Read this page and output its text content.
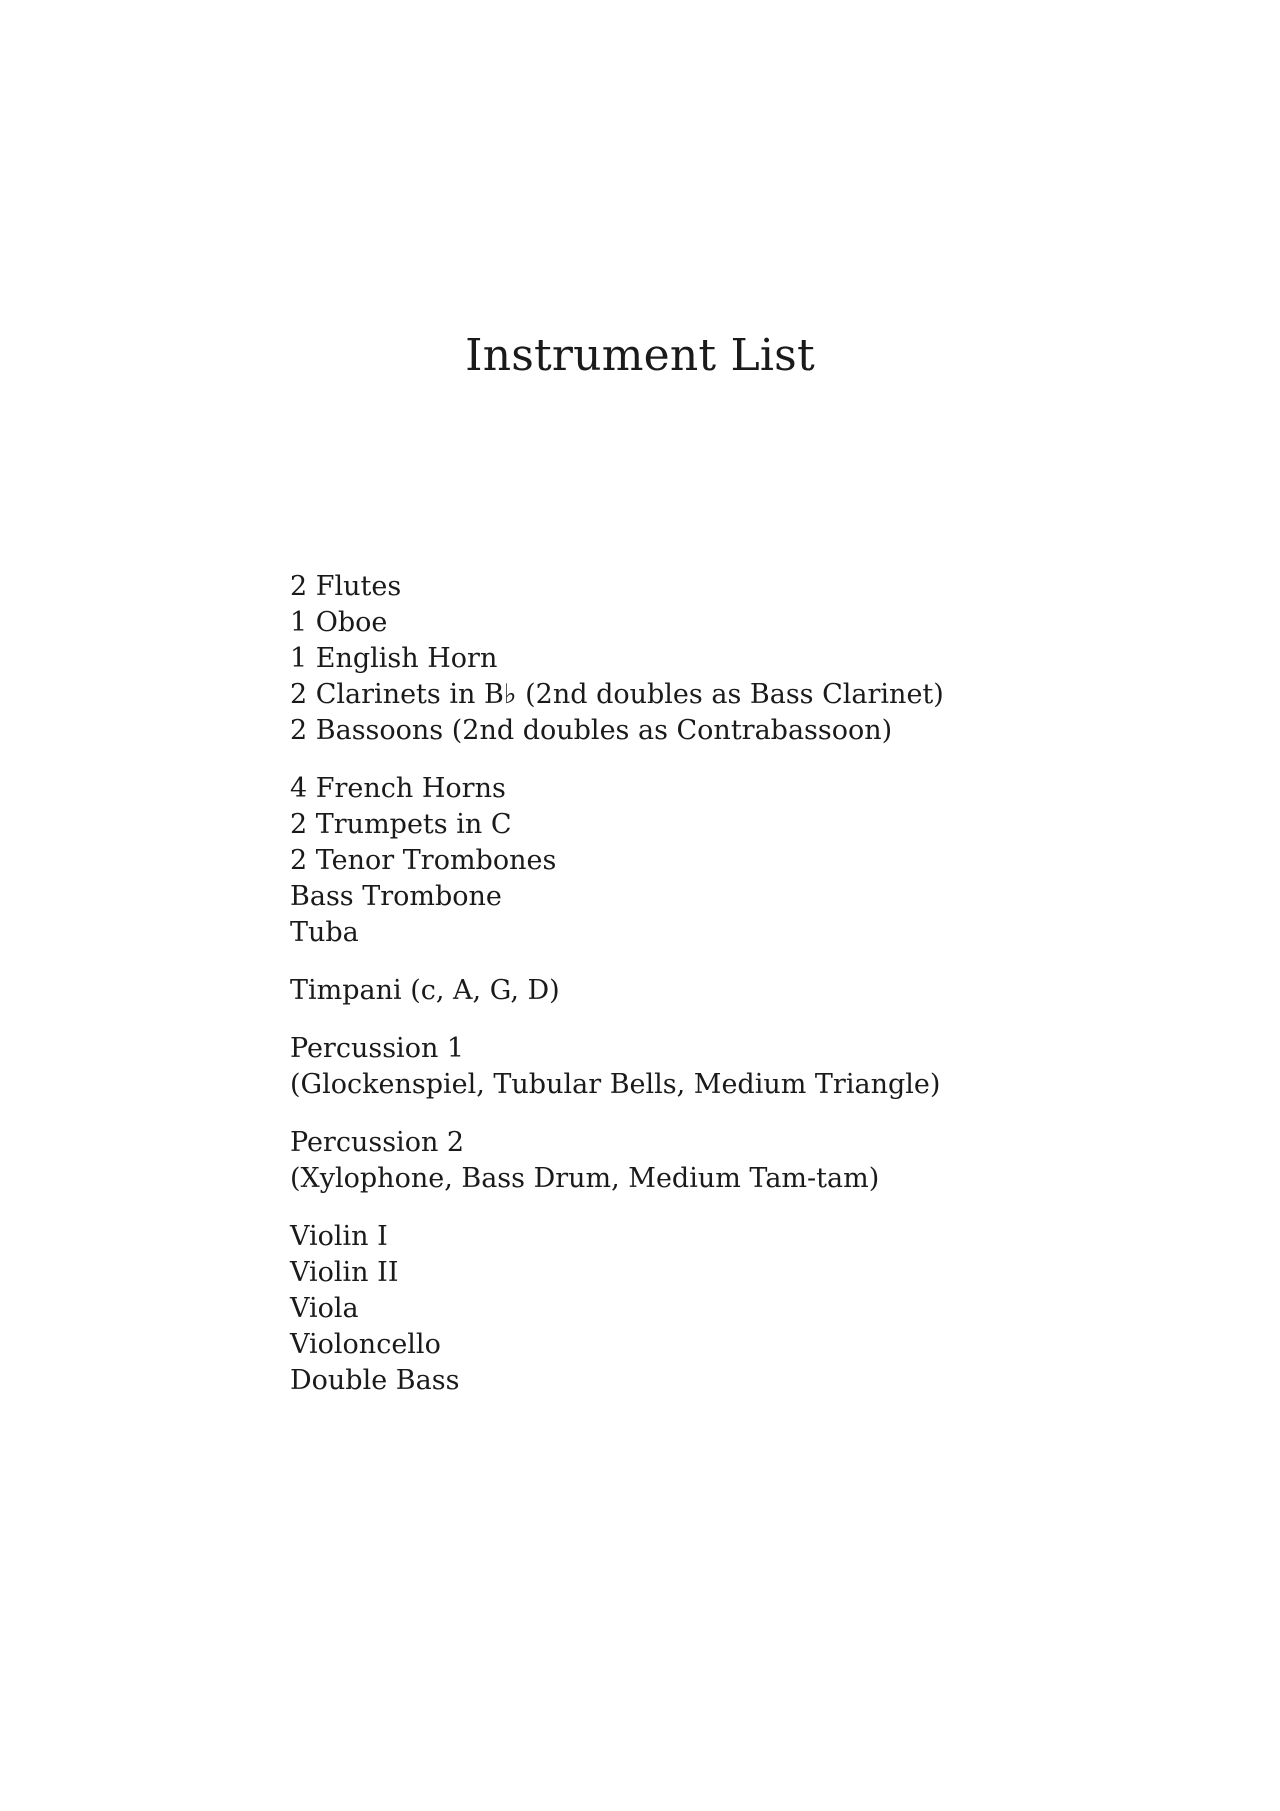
Instrument List
2 Flutes
1 Oboe
1 English Horn
2 Clarinets in B♭ (2nd doubles as Bass Clarinet)
2 Bassoons (2nd doubles as Contrabassoon)
4 French Horns
2 Trumpets in C
2 Tenor Trombones
Bass Trombone
Tuba
Timpani (c, A, G, D)
Percussion 1
(Glockenspiel, Tubular Bells, Medium Triangle)
Percussion 2
(Xylophone, Bass Drum, Medium Tam-tam)
Violin I
Violin II
Viola
Violoncello
Double Bass
